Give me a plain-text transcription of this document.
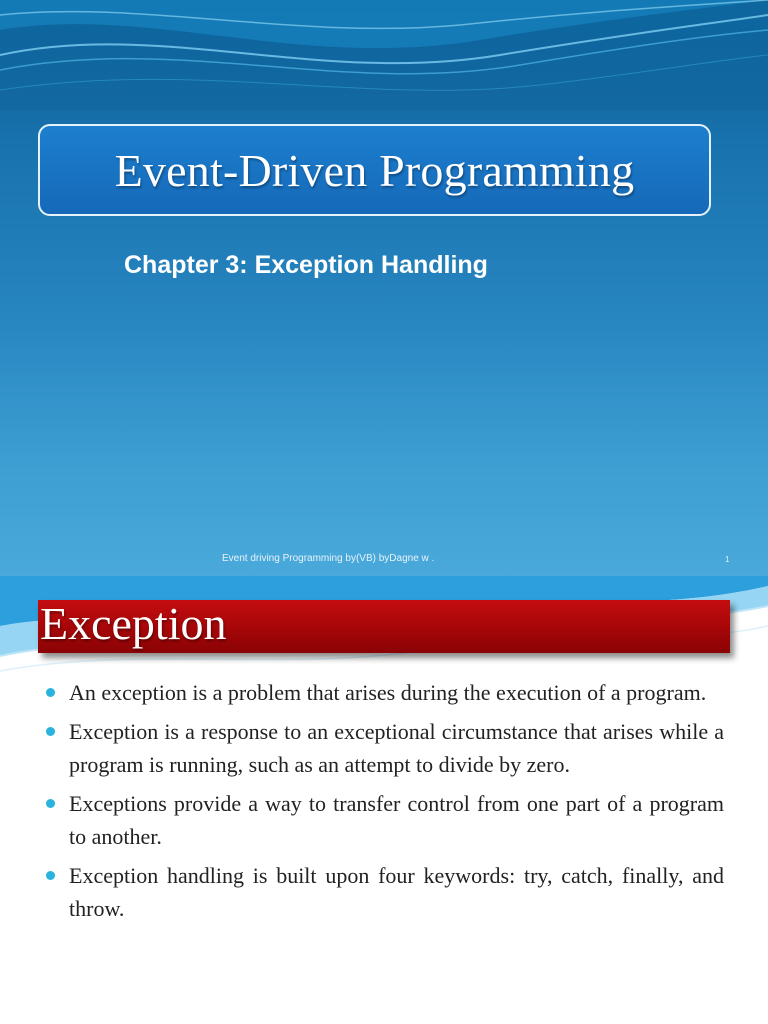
Event-Driven Programming
Chapter 3: Exception Handling
Event driving Programming by(VB) byDagne w .	1
Exception
An exception is a problem that arises during the execution of a program.
Exception is a response to an exceptional circumstance that arises while a program is running, such as an attempt to divide by zero.
Exceptions provide a way to transfer control from one part of a program to another.
Exception handling is built upon four keywords: try, catch, finally, and throw.
